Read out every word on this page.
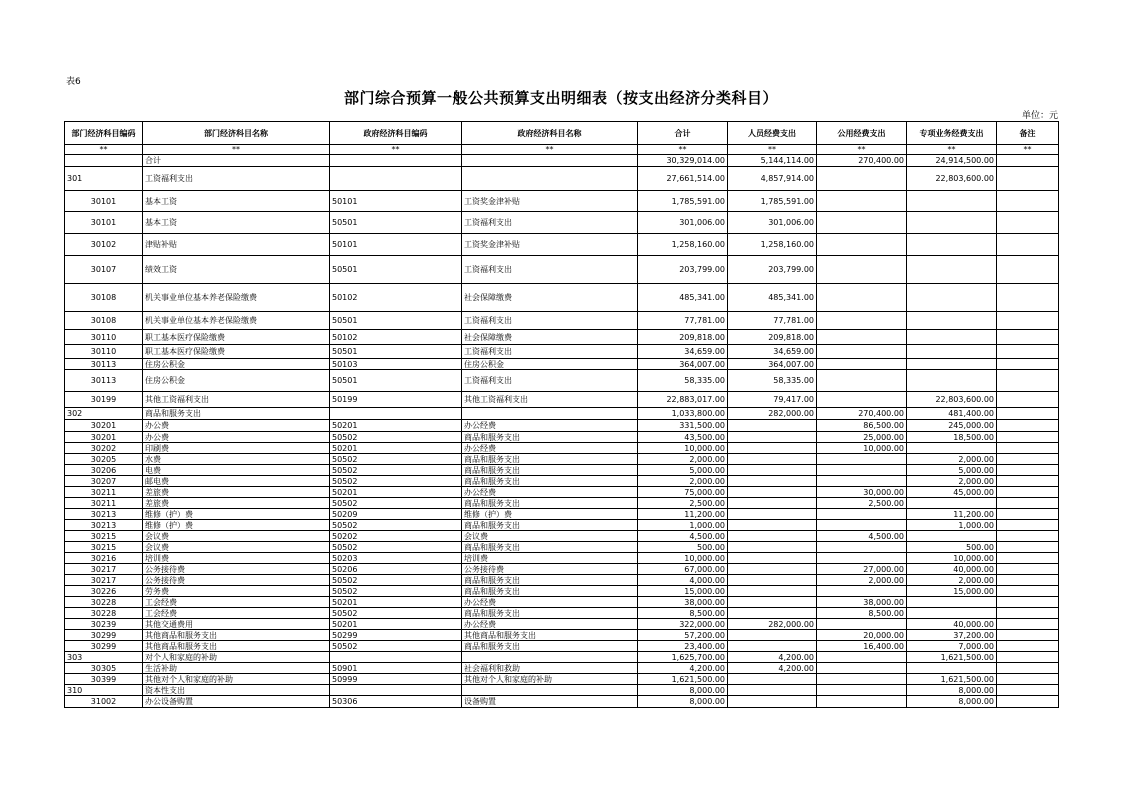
表6
部门综合预算一般公共预算支出明细表（按支出经济分类科目）
单位：元
部门经济科目编码	部门经济科目名称	政府经济科目编码	政府经济科目名称	合计	人员经费支出	公用经费支出	专项业务经费支出	备注
**	**	**	**	**	**	**	**	**
	合计			30,329,014.00	5,144,114.00	270,400.00	24,914,500.00	
301	工资福利支出			27,661,514.00	4,857,914.00		22,803,600.00	
30101	基本工资	50101	工资奖金津补贴	1,785,591.00	1,785,591.00			
30101	基本工资	50501	工资福利支出	301,006.00	301,006.00			
30102	津贴补贴	50101	工资奖金津补贴	1,258,160.00	1,258,160.00			
30107	绩效工资	50501	工资福利支出	203,799.00	203,799.00			
30108	机关事业单位基本养老保险缴费	50102	社会保障缴费	485,341.00	485,341.00			
30108	机关事业单位基本养老保险缴费	50501	工资福利支出	77,781.00	77,781.00			
30110	职工基本医疗保险缴费	50102	社会保障缴费	209,818.00	209,818.00			
30110	职工基本医疗保险缴费	50501	工资福利支出	34,659.00	34,659.00			
30113	住房公积金	50103	住房公积金	364,007.00	364,007.00			
30113	住房公积金	50501	工资福利支出	58,335.00	58,335.00			
30199	其他工资福利支出	50199	其他工资福利支出	22,883,017.00	79,417.00		22,803,600.00	
302	商品和服务支出			1,033,800.00	282,000.00	270,400.00	481,400.00	
30201	办公费	50201	办公经费	331,500.00		86,500.00	245,000.00	
30201	办公费	50502	商品和服务支出	43,500.00		25,000.00	18,500.00	
30202	印刷费	50201	办公经费	10,000.00		10,000.00		
30205	水费	50502	商品和服务支出	2,000.00			2,000.00	
30206	电费	50502	商品和服务支出	5,000.00			5,000.00	
30207	邮电费	50502	商品和服务支出	2,000.00			2,000.00	
30211	差旅费	50201	办公经费	75,000.00		30,000.00	45,000.00	
30211	差旅费	50502	商品和服务支出	2,500.00		2,500.00		
30213	维修（护）费	50209	维修（护）费	11,200.00			11,200.00	
30213	维修（护）费	50502	商品和服务支出	1,000.00			1,000.00	
30215	会议费	50202	会议费	4,500.00		4,500.00		
30215	会议费	50502	商品和服务支出	500.00			500.00	
30216	培训费	50203	培训费	10,000.00			10,000.00	
30217	公务接待费	50206	公务接待费	67,000.00		27,000.00	40,000.00	
30217	公务接待费	50502	商品和服务支出	4,000.00		2,000.00	2,000.00	
30226	劳务费	50502	商品和服务支出	15,000.00			15,000.00	
30228	工会经费	50201	办公经费	38,000.00		38,000.00		
30228	工会经费	50502	商品和服务支出	8,500.00		8,500.00		
30239	其他交通费用	50201	办公经费	322,000.00	282,000.00		40,000.00	
30299	其他商品和服务支出	50299	其他商品和服务支出	57,200.00		20,000.00	37,200.00	
30299	其他商品和服务支出	50502	商品和服务支出	23,400.00		16,400.00	7,000.00	
303	对个人和家庭的补助			1,625,700.00	4,200.00		1,621,500.00	
30305	生活补助	50901	社会福利和救助	4,200.00	4,200.00			
30399	其他对个人和家庭的补助	50999	其他对个人和家庭的补助	1,621,500.00			1,621,500.00	
310	资本性支出			8,000.00			8,000.00	
31002	办公设备购置	50306	设备购置	8,000.00			8,000.00	
